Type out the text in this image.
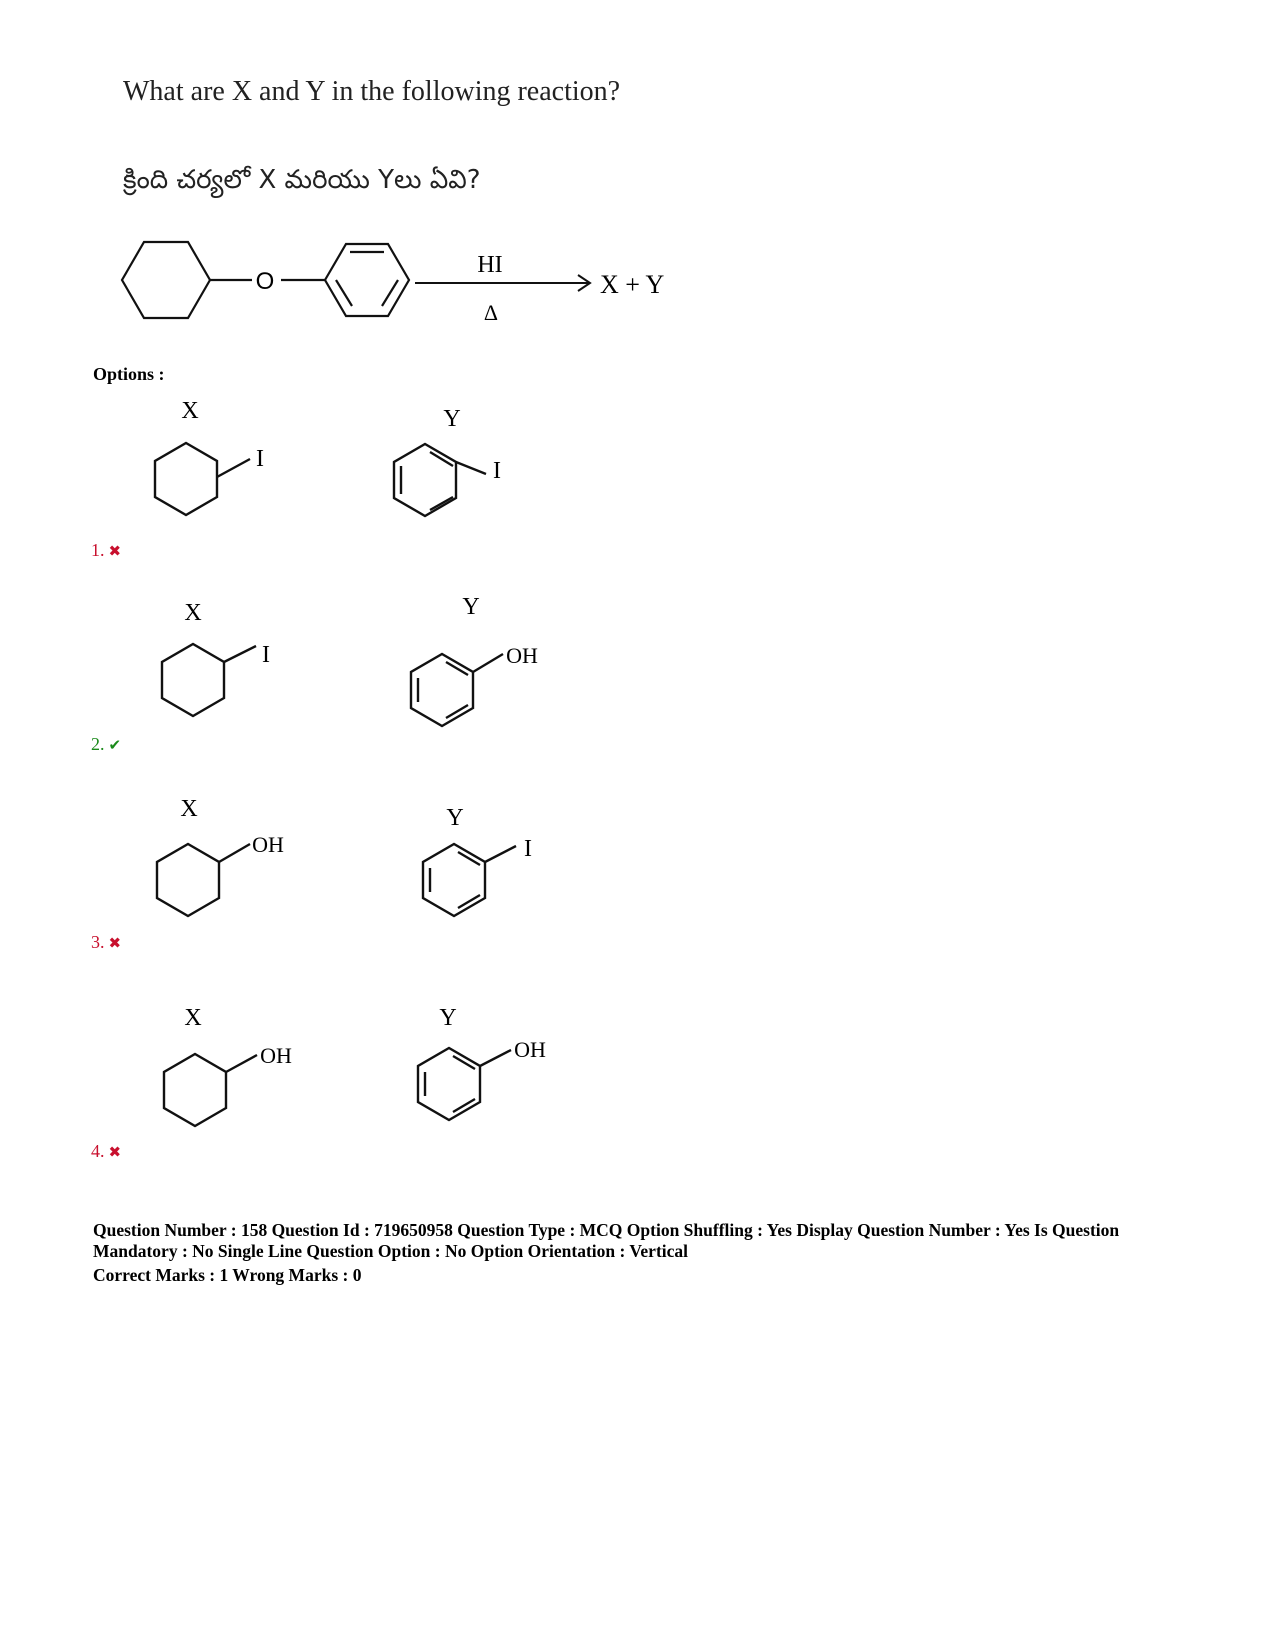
What are X and Y in the following reaction?
క్రింది చర్యలో X మరియు Yలు ఏవి?
O
HI
Δ
X + Y
Options :
X
I
Y
I
1. ✖
X
I
Y
OH
2. ✔
X
OH
Y
I
3. ✖
X
OH
Y
OH
4. ✖
Question Number : 158 Question Id : 719650958 Question Type : MCQ Option Shuffling : Yes Display Question Number : Yes Is Question
Mandatory : No Single Line Question Option : No Option Orientation : Vertical
Correct Marks : 1 Wrong Marks : 0
